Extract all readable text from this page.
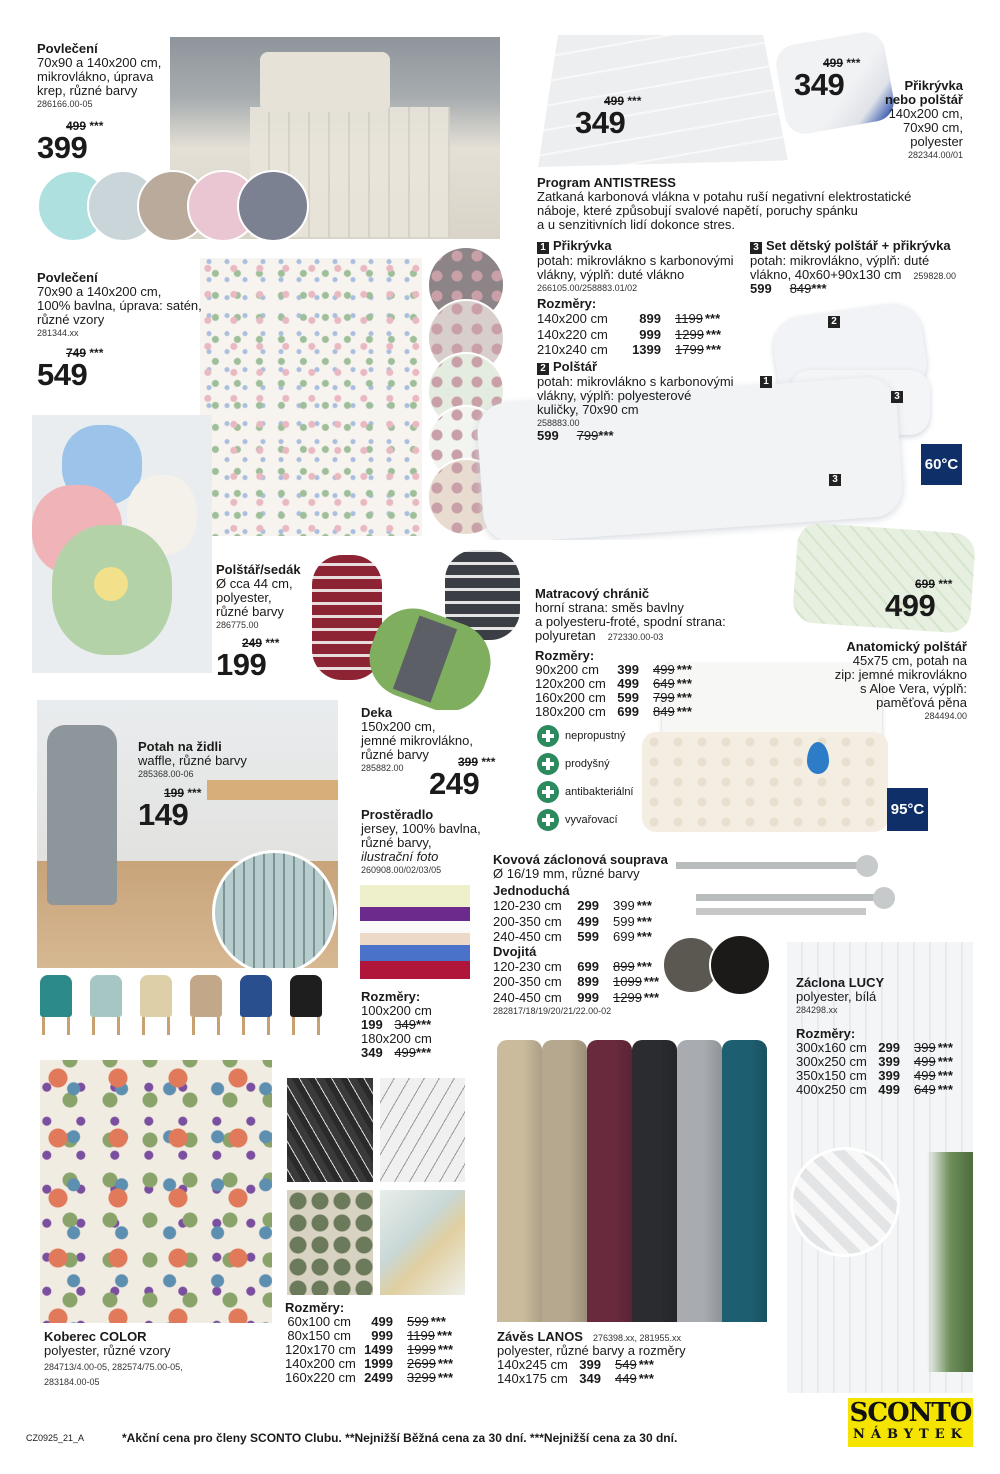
Povlečení
70x90 a 140x200 cm,
mikrovlákno, úprava
krep, různé barvy
286166.00-05
499 ***
399
Povlečení
70x90 a 140x200 cm,
100% bavlna, úprava: satén,
různé vzory
281344.xx
749 ***
549
Polštář/sedák
Ø cca 44 cm,
polyester,
různé barvy
286775.00
249 ***
199
Potah na židli
waffle, různé barvy
285368.00-06
199 ***
149
Deka
150x200 cm,
jemné mikrovlákno,
různé barvy
285882.00	399 ***
249
Prostěradlo
jersey, 100% bavlna,
různé barvy,
ilustrační foto
260908.00/02/03/05
Rozměry:
100x200 cm
199 349***
180x200 cm
349 499***
499 ***
349
499 ***
349	Přikrývka
nebo polštář
140x200 cm,
70x90 cm,
polyester
282344.00/01
Program ANTISTRESS
Zatkaná karbonová vlákna v potahu ruší negativní elektrostatické
náboje, které způsobují svalové napětí, poruchy spánku
a u senzitivních lidí dokonce stres.
1 Přikrývka
potah: mikrovlákno s karbonovými
vlákny, výplň: duté vlákno
266105.00/258883.01/02
Rozměry:
140x200 cm	899 1199 ***
140x220 cm	999 1299 ***
210x240 cm	1399 1799 ***
2 Polštář
potah: mikrovlákno s karbonovými
vlákny, výplň: polyesterové
kuličky, 70x90 cm
258883.00
599 799***
3 Set dětský polštář + přikrývka
potah: mikrovlákno, výplň: duté
vlákno, 40x60+90x130 cm 259828.00
599 849***
2
1
3
3
60°C
699 ***
499
Anatomický polštář
45x75 cm, potah na
zip: jemné mikrovlákno
s Aloe Vera, výplň:
paměťová pěna
284494.00
95°C
Matracový chránič
horní strana: směs bavlny
a polyesteru-froté, spodní strana:
polyuretan 272330.00-03
Rozměry:
90x200 cm	399 499 ***
120x200 cm 499 649 ***
160x200 cm 599 799 ***
180x200 cm 699 849 ***
nepropustný
prodyšný
antibakteriální
vyvařovací
Kovová záclonová souprava
Ø 16/19 mm, různé barvy
Jednoduchá
120-230 cm	299 399 ***
200-350 cm	499 599 ***
240-450 cm	599 699 ***
Dvojitá
120-230 cm	699 899 ***
200-350 cm	899 1099 ***
240-450 cm	999 1299 ***
282817/18/19/20/21/22.00-02
Záclona LUCY
polyester, bílá
284298.xx
Rozměry:
300x160 cm 299 399 ***
300x250 cm 399 499 ***
350x150 cm 399 499 ***
400x250 cm 499 649 ***
Koberec COLOR
polyester, různé vzory
284713/4.00-05, 282574/75.00-05,
283184.00-05
Rozměry:
60x100 cm	499 599 ***
80x150 cm	999 1199 ***
120x170 cm 1499 1999 ***
140x200 cm 1999 2699 ***
160x220 cm 2499 3299 ***
Závěs LANOS 276398.xx, 281955.xx
polyester, různé barvy a rozměry
140x245 cm 399 549 ***
140x175 cm 349 449 ***
CZ0925_21_A	*Akční cena pro členy SCONTO Clubu. **Nejnižší Běžná cena za 30 dní. ***Nejnižší cena za 30 dní.
SCONTO
NÁBYTEK
